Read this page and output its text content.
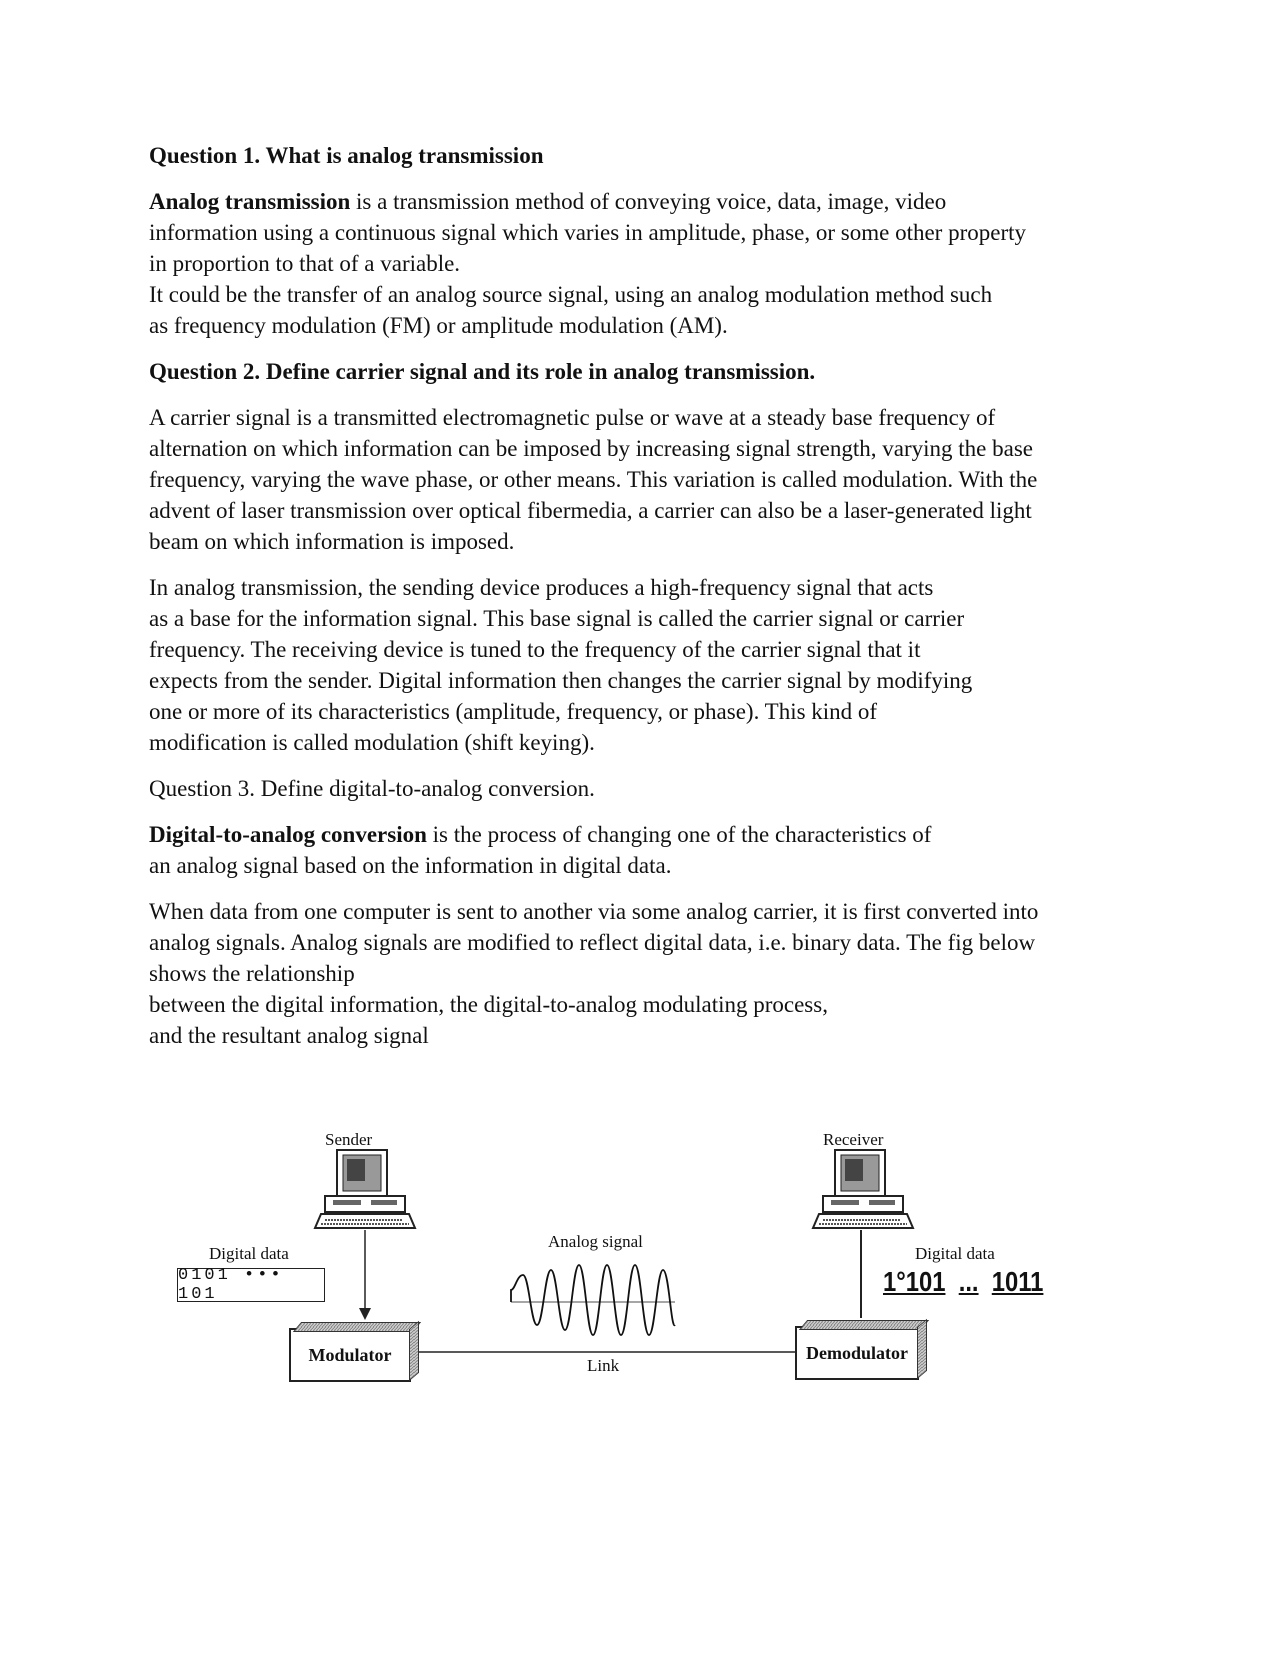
Question 1. What is analog transmission

Analog transmission is a transmission method of conveying voice, data, image, video
information using a continuous signal which varies in amplitude, phase, or some other property
in proportion to that of a variable.
It could be the transfer of an analog source signal, using an analog modulation method such
as frequency modulation (FM) or amplitude modulation (AM).

Question 2. Define carrier signal and its role in analog transmission.

A carrier signal is a transmitted electromagnetic pulse or wave at a steady base frequency of
alternation on which information can be imposed by increasing signal strength, varying the base
frequency, varying the wave phase, or other means. This variation is called modulation. With the
advent of laser transmission over optical fibermedia, a carrier can also be a laser-generated light
beam on which information is imposed.

In analog transmission, the sending device produces a high-frequency signal that acts
as a base for the information signal. This base signal is called the carrier signal or carrier
frequency. The receiving device is tuned to the frequency of the carrier signal that it
expects from the sender. Digital information then changes the carrier signal by modifying
one or more of its characteristics (amplitude, frequency, or phase). This kind of
modification is called modulation (shift keying).

Question 3. Define digital-to-analog conversion.

Digital-to-analog conversion is the process of changing one of the characteristics of
an analog signal based on the information in digital data.

When data from one computer is sent to another via some analog carrier, it is first converted into
analog signals. Analog signals are modified to reflect digital data, i.e. binary data. The fig below
shows the relationship
between the digital information, the digital-to-analog modulating process,
and the resultant analog signal

Sender	Receiver
Digital data
0101 ••• 101
Analog signal
Link
Modulator	Demodulator
Digital data
1°101 ... 1011
